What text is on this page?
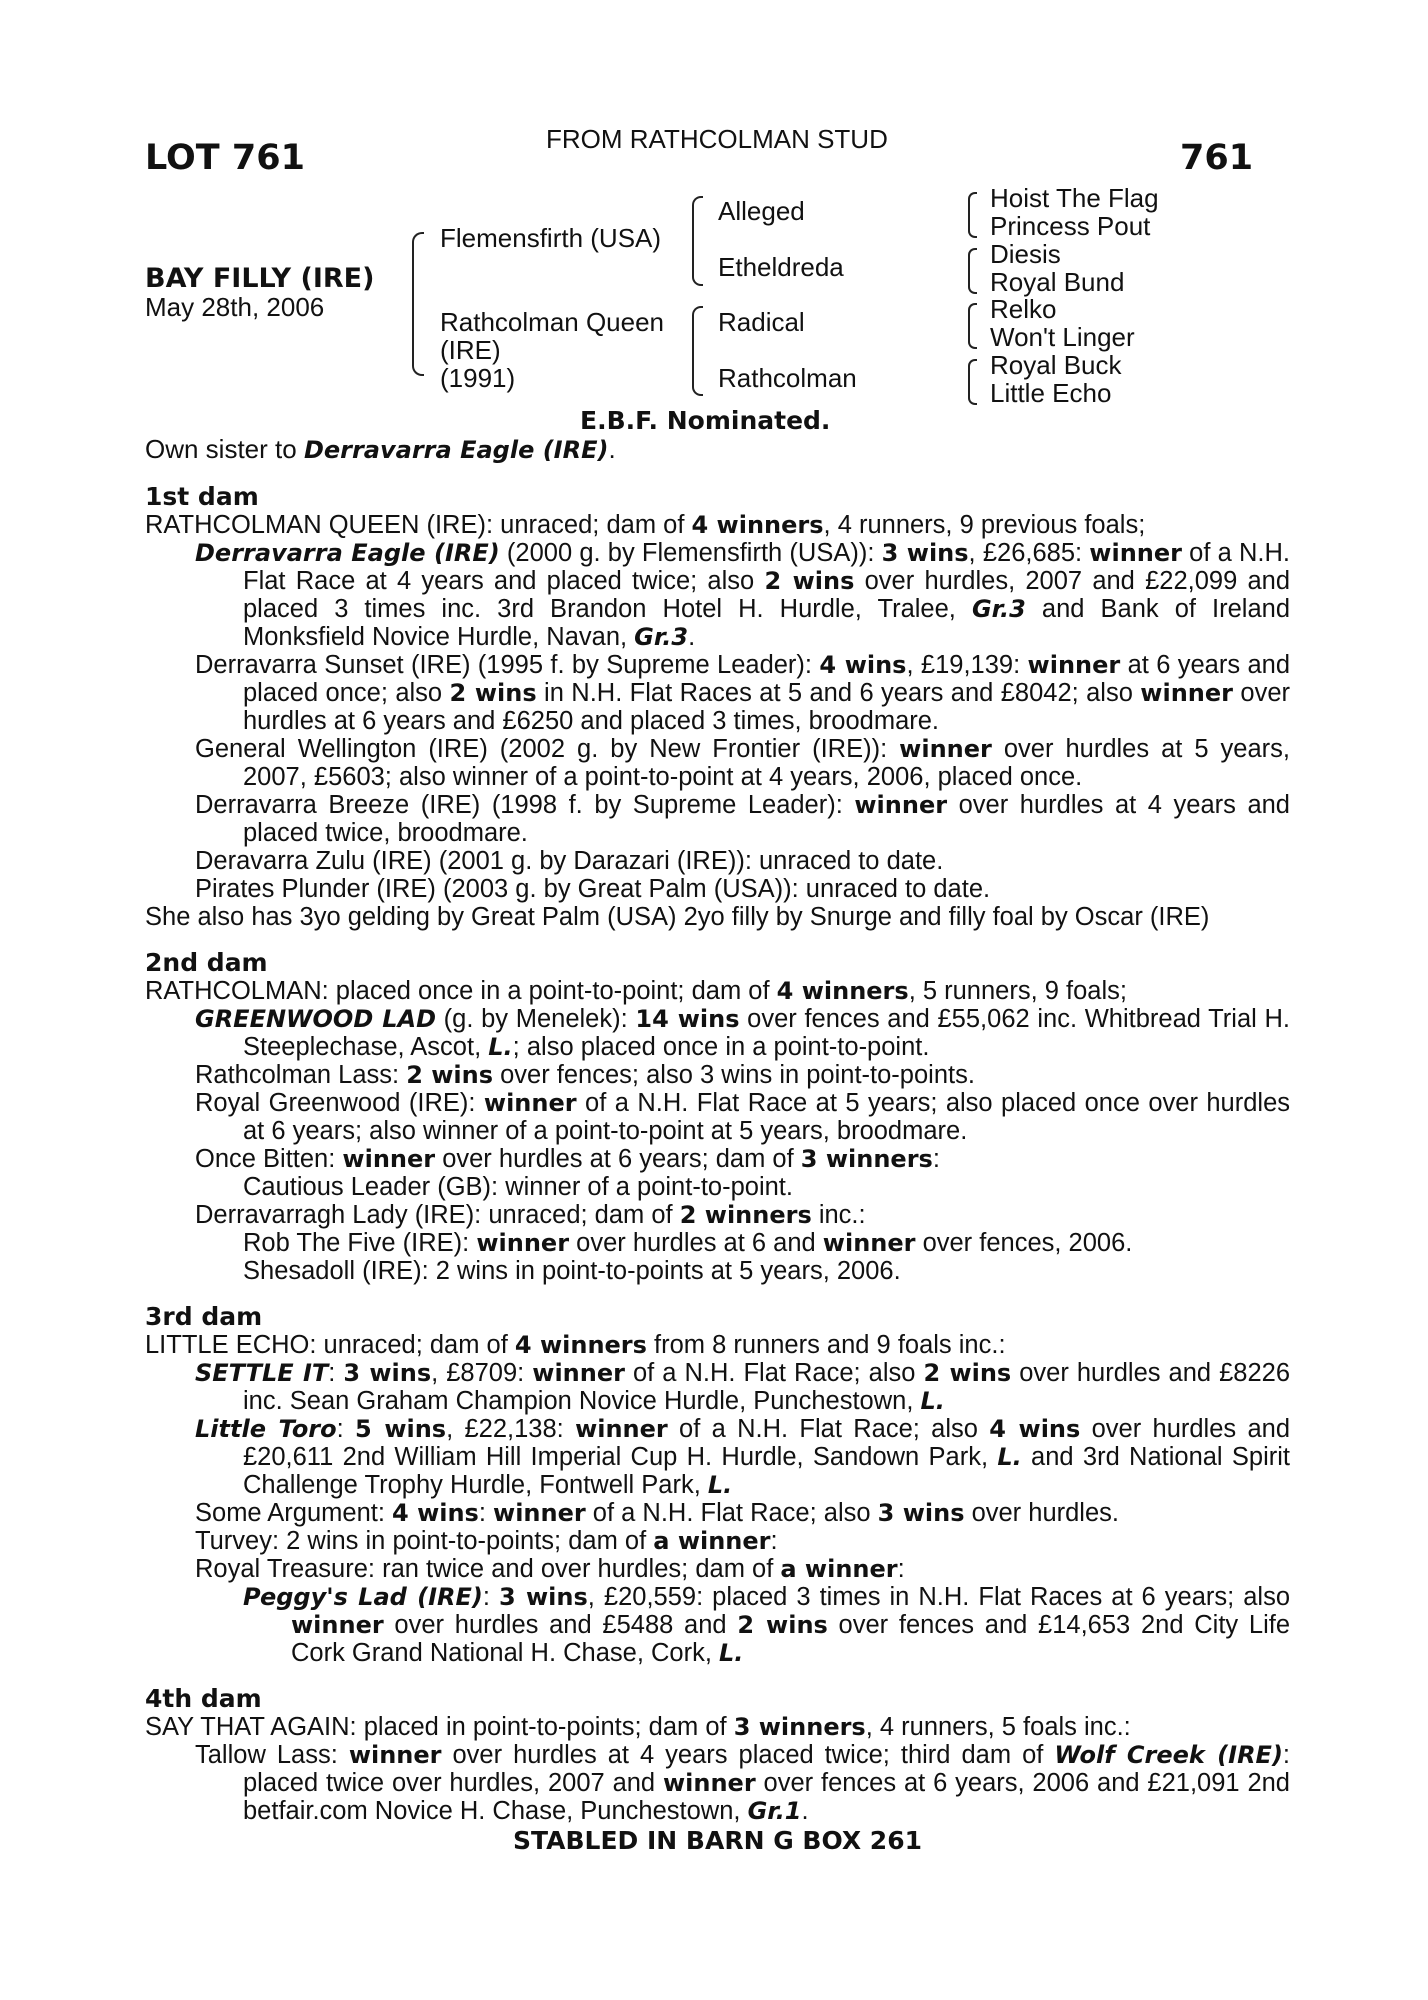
LOT 761	FROM RATHCOLMAN STUD	761
BAY FILLY (IRE)
May 28th, 2006
Flemensfirth (USA)
Rathcolman Queen
(IRE)
(1991)
Alleged
Etheldreda
Radical
Rathcolman
Hoist The Flag
Princess Pout
Diesis
Royal Bund
Relko
Won't Linger
Royal Buck
Little Echo
E.B.F. Nominated.
Own sister to Derravarra Eagle (IRE).
1st dam
RATHCOLMAN QUEEN (IRE): unraced; dam of 4 winners, 4 runners, 9 previous foals;
Derravarra Eagle (IRE) (2000 g. by Flemensfirth (USA)): 3 wins, £26,685: winner of a N.H. Flat Race at 4 years and placed twice; also 2 wins over hurdles, 2007 and £22,099 and placed 3 times inc. 3rd Brandon Hotel H. Hurdle, Tralee, Gr.3 and Bank of Ireland Monksfield Novice Hurdle, Navan, Gr.3.
Derravarra Sunset (IRE) (1995 f. by Supreme Leader): 4 wins, £19,139: winner at 6 years and placed once; also 2 wins in N.H. Flat Races at 5 and 6 years and £8042; also winner over hurdles at 6 years and £6250 and placed 3 times, broodmare.
General Wellington (IRE) (2002 g. by New Frontier (IRE)): winner over hurdles at 5 years, 2007, £5603; also winner of a point-to-point at 4 years, 2006, placed once.
Derravarra Breeze (IRE) (1998 f. by Supreme Leader): winner over hurdles at 4 years and placed twice, broodmare.
Deravarra Zulu (IRE) (2001 g. by Darazari (IRE)): unraced to date.
Pirates Plunder (IRE) (2003 g. by Great Palm (USA)): unraced to date.
She also has 3yo gelding by Great Palm (USA) 2yo filly by Snurge and filly foal by Oscar (IRE)
2nd dam
RATHCOLMAN: placed once in a point-to-point; dam of 4 winners, 5 runners, 9 foals;
GREENWOOD LAD (g. by Menelek): 14 wins over fences and £55,062 inc. Whitbread Trial H. Steeplechase, Ascot, L.; also placed once in a point-to-point.
Rathcolman Lass: 2 wins over fences; also 3 wins in point-to-points.
Royal Greenwood (IRE): winner of a N.H. Flat Race at 5 years; also placed once over hurdles at 6 years; also winner of a point-to-point at 5 years, broodmare.
Once Bitten: winner over hurdles at 6 years; dam of 3 winners:
Cautious Leader (GB): winner of a point-to-point.
Derravarragh Lady (IRE): unraced; dam of 2 winners inc.:
Rob The Five (IRE): winner over hurdles at 6 and winner over fences, 2006.
Shesadoll (IRE): 2 wins in point-to-points at 5 years, 2006.
3rd dam
LITTLE ECHO: unraced; dam of 4 winners from 8 runners and 9 foals inc.:
SETTLE IT: 3 wins, £8709: winner of a N.H. Flat Race; also 2 wins over hurdles and £8226 inc. Sean Graham Champion Novice Hurdle, Punchestown, L.
Little Toro: 5 wins, £22,138: winner of a N.H. Flat Race; also 4 wins over hurdles and £20,611 2nd William Hill Imperial Cup H. Hurdle, Sandown Park, L. and 3rd National Spirit Challenge Trophy Hurdle, Fontwell Park, L.
Some Argument: 4 wins: winner of a N.H. Flat Race; also 3 wins over hurdles.
Turvey: 2 wins in point-to-points; dam of a winner:
Royal Treasure: ran twice and over hurdles; dam of a winner:
Peggy's Lad (IRE): 3 wins, £20,559: placed 3 times in N.H. Flat Races at 6 years; also winner over hurdles and £5488 and 2 wins over fences and £14,653 2nd City Life Cork Grand National H. Chase, Cork, L.
4th dam
SAY THAT AGAIN: placed in point-to-points; dam of 3 winners, 4 runners, 5 foals inc.:
Tallow Lass: winner over hurdles at 4 years placed twice; third dam of Wolf Creek (IRE): placed twice over hurdles, 2007 and winner over fences at 6 years, 2006 and £21,091 2nd betfair.com Novice H. Chase, Punchestown, Gr.1.
STABLED IN BARN G BOX 261
